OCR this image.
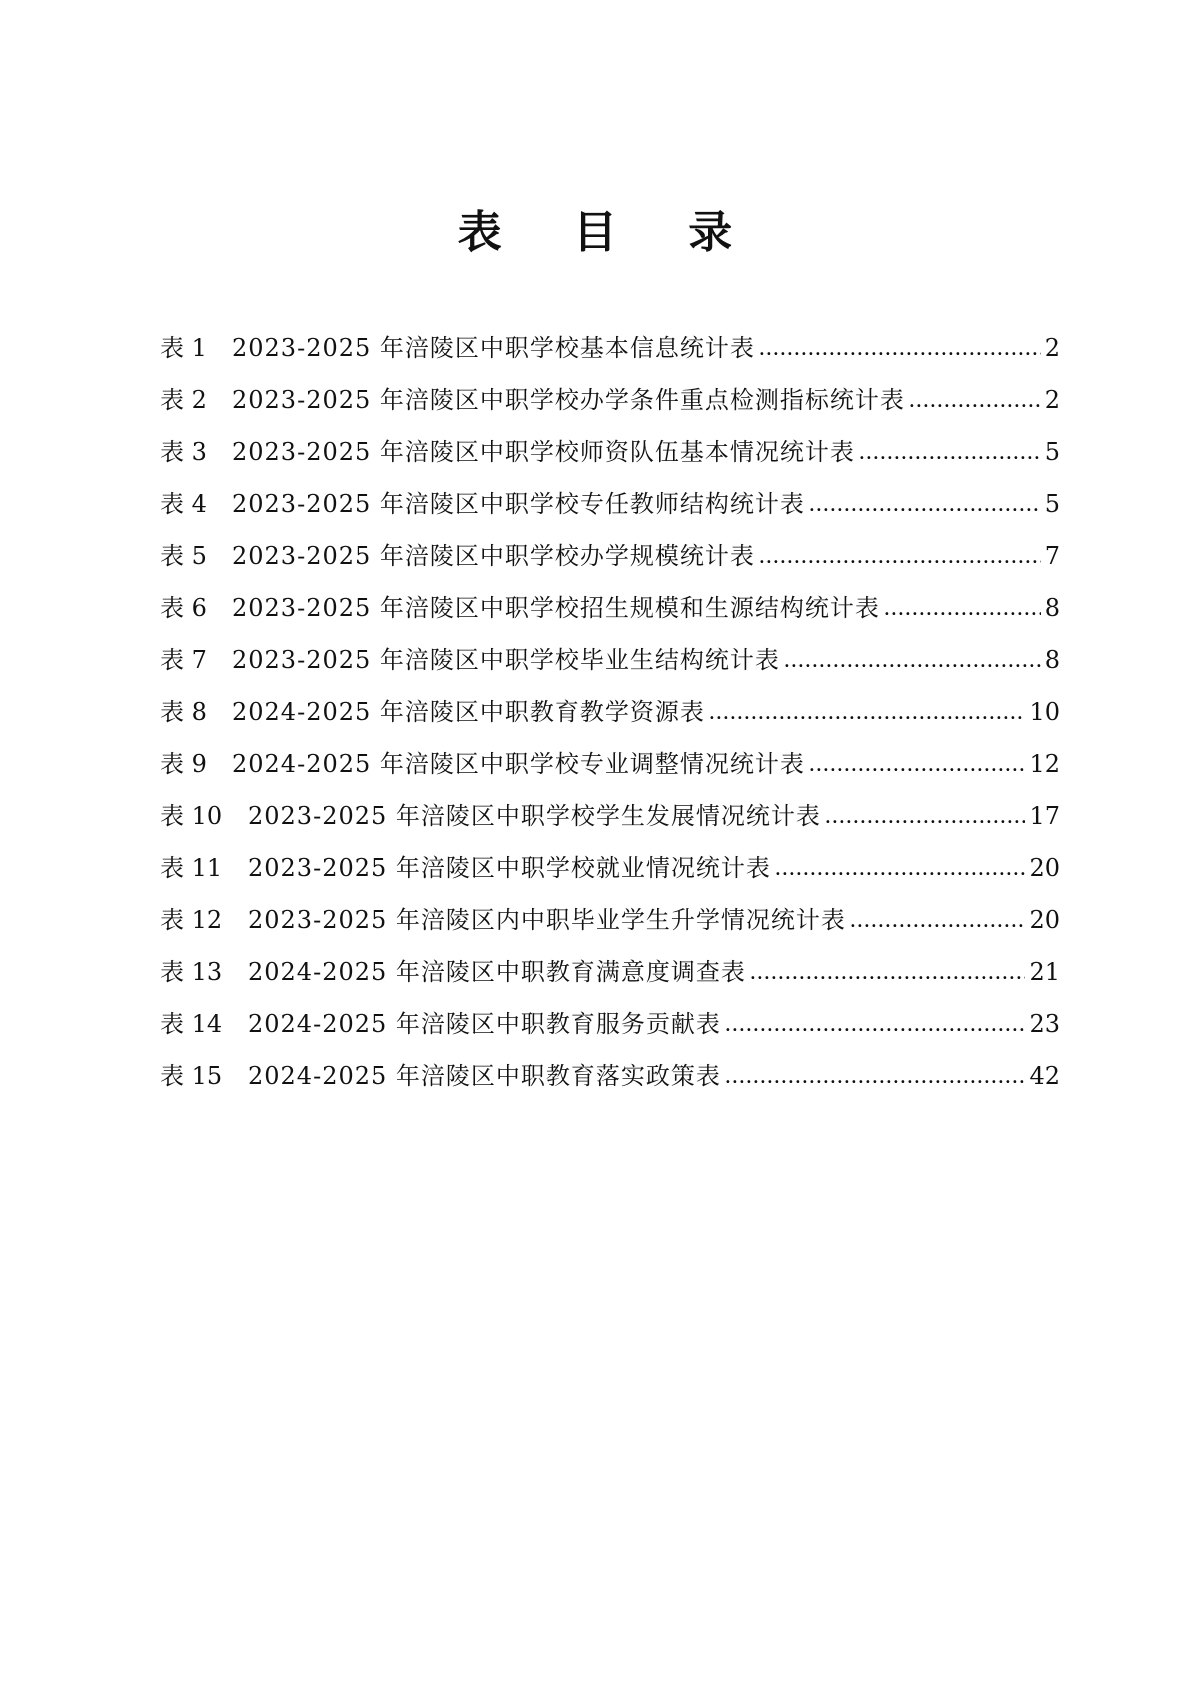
表 目 录
表 1	2023-2025 年涪陵区中职学校基本信息统计表 .....	2
表 2	2023-2025 年涪陵区中职学校办学条件重点检测指标统计表 .....	2
表 3	2023-2025 年涪陵区中职学校师资队伍基本情况统计表 .....	5
表 4	2023-2025 年涪陵区中职学校专任教师结构统计表 .....	5
表 5	2023-2025 年涪陵区中职学校办学规模统计表 .....	7
表 6	2023-2025 年涪陵区中职学校招生规模和生源结构统计表 .....	8
表 7	2023-2025 年涪陵区中职学校毕业生结构统计表 .....	8
表 8	2024-2025 年涪陵区中职教育教学资源表 .....	10
表 9	2024-2025 年涪陵区中职学校专业调整情况统计表 .....	12
表 10	2023-2025 年涪陵区中职学校学生发展情况统计表 .....	17
表 11	2023-2025 年涪陵区中职学校就业情况统计表 .....	20
表 12	2023-2025 年涪陵区内中职毕业学生升学情况统计表 .....	20
表 13	2024-2025 年涪陵区中职教育满意度调查表 .....	21
表 14	2024-2025 年涪陵区中职教育服务贡献表 .....	23
表 15	2024-2025 年涪陵区中职教育落实政策表 .....	42
